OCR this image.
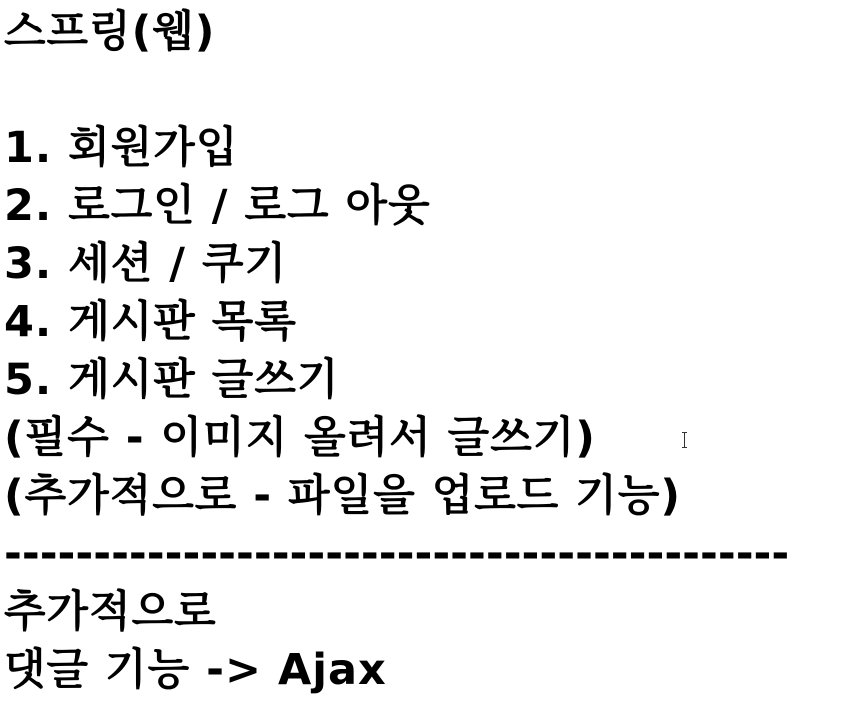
스프링(웹)
1. 회원가입
2. 로그인 / 로그 아웃
3. 세션 / 쿠기
4. 게시판 목록
5. 게시판 글쓰기
(필수 - 이미지 올려서 글쓰기)
(추가적으로 - 파일을 업로드 기능)
--------------------------------------------
추가적으로
댓글 기능 -> Ajax
